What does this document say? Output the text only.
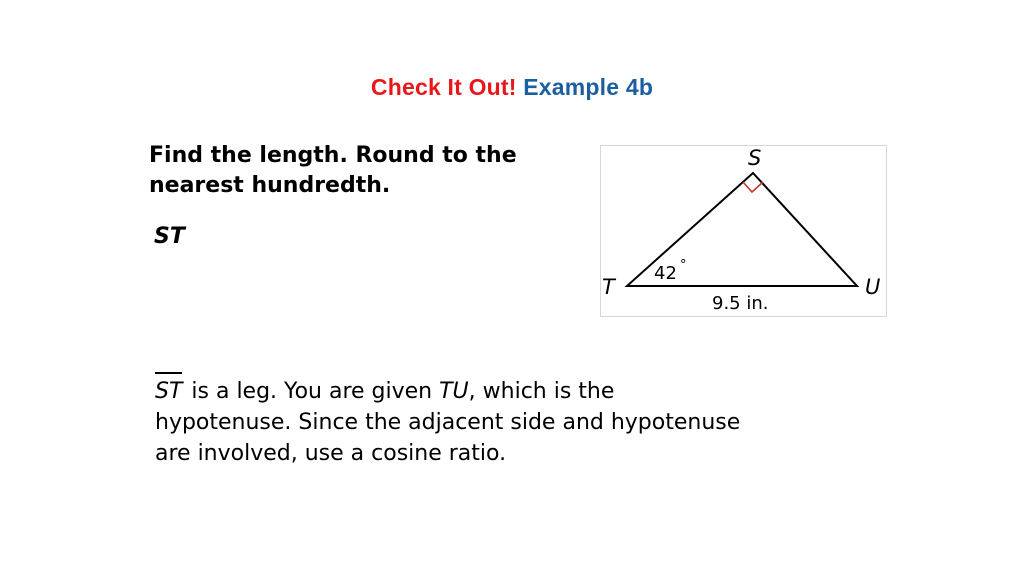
Check It Out! Example 4b
Find the length. Round to the
nearest hundredth.
ST
S
T	U
42 °
9.5 in.
ST is a leg. You are given TU, which is the
hypotenuse. Since the adjacent side and hypotenuse
are involved, use a cosine ratio.
